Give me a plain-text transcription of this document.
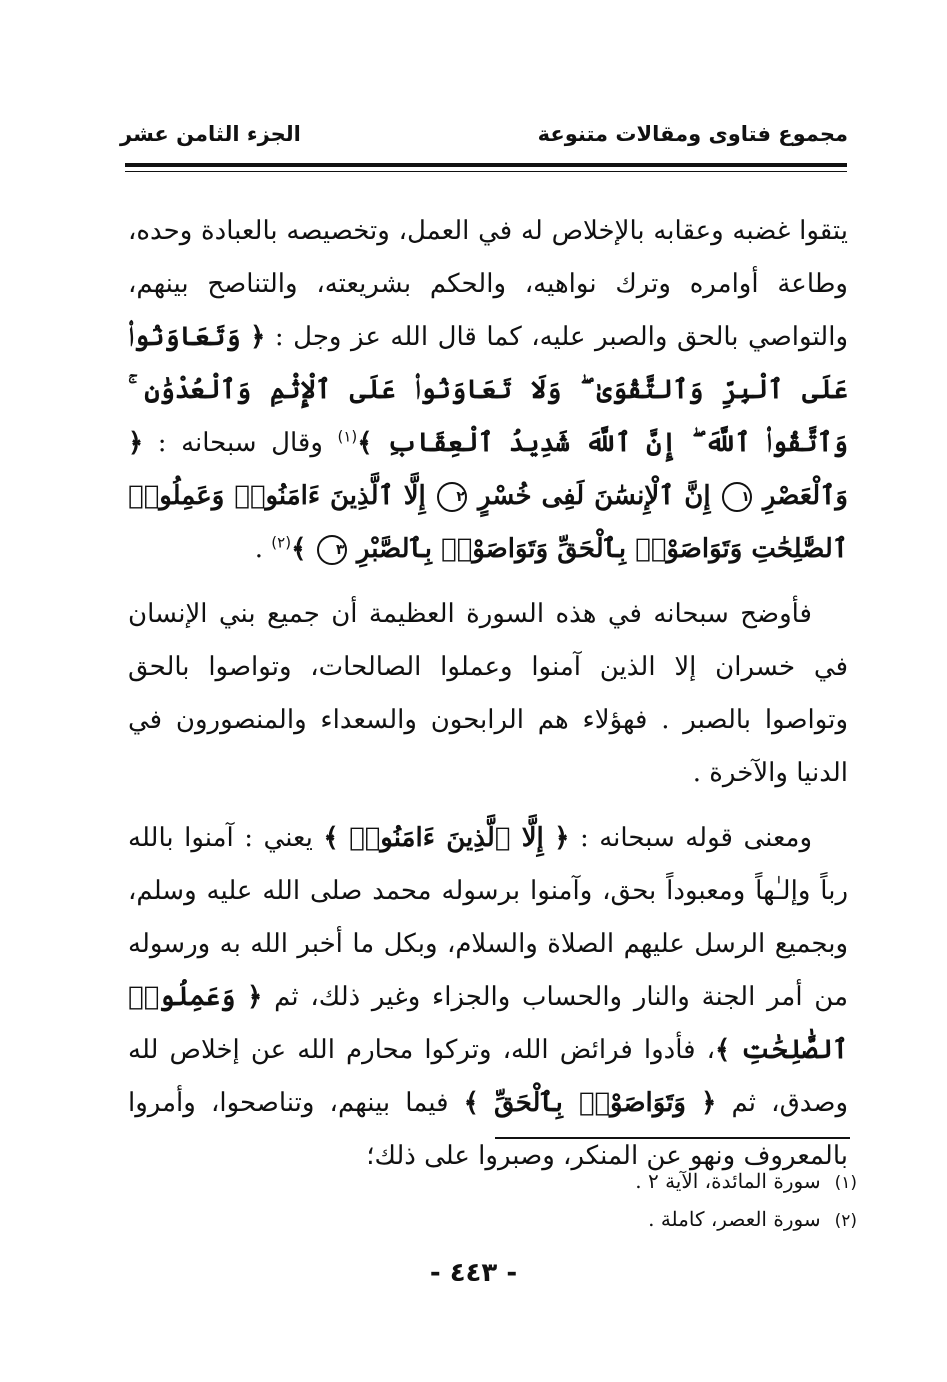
مجموع فتاوى ومقالات متنوعة
الجزء الثامن عشر

يتقوا غضبه وعقابه بالإخلاص له في العمل، وتخصيصه بالعبادة وحده، وطاعة أوامره وترك نواهيه، والحكم بشريعته، والتناصح بينهم، والتواصي بالحق والصبر عليه، كما قال الله عز وجل : ﴿ وَتَعَاوَنُوا۟ عَلَى ٱلْبِرِّ وَٱلتَّقْوَىٰ ۖ وَلَا تَعَاوَنُوا۟ عَلَى ٱلْإِثْمِ وَٱلْعُدْوَٰنِ ۚ وَٱتَّقُوا۟ ٱللَّهَ ۖ إِنَّ ٱللَّهَ شَدِيدُ ٱلْعِقَابِ ﴾$^{(١)}$ وقال سبحانه : ﴿ وَٱلْعَصْرِ ١ إِنَّ ٱلْإِنسَٰنَ لَفِى خُسْرٍ ٢ إِلَّا ٱلَّذِينَ ءَامَنُوا۟ وَعَمِلُوا۟ ٱلصَّٰلِحَٰتِ وَتَوَاصَوْا۟ بِٱلْحَقِّ وَتَوَاصَوْا۟ بِٱلصَّبْرِ ٣ ﴾$^{(٢)}$ .

فأوضح سبحانه في هذه السورة العظيمة أن جميع بني الإنسان في خسران إلا الذين آمنوا وعملوا الصالحات، وتواصوا بالحق وتواصوا بالصبر . فهؤلاء هم الرابحون والسعداء والمنصورون في الدنيا والآخرة .

ومعنى قوله سبحانه : ﴿ إِلَّا ٱلَّذِينَ ءَامَنُوا۟ ﴾ يعني : آمنوا بالله رباً وإلـٰهاً ومعبوداً بحق، وآمنوا برسوله محمد صلى الله عليه وسلم، وبجميع الرسل عليهم الصلاة والسلام، وبكل ما أخبر الله به ورسوله من أمر الجنة والنار والحساب والجزاء وغير ذلك، ثم ﴿ وَعَمِلُوا۟ ٱلصَّٰلِحَٰتِ ﴾، فأدوا فرائض الله، وتركوا محارم الله عن إخلاص لله وصدق، ثم ﴿ وَتَوَاصَوْا۟ بِٱلْحَقِّ ﴾ فيما بينهم، وتناصحوا، وأمروا بالمعروف ونهو عن المنكر، وصبروا على ذلك؛

(١)سورة المائدة، الآية ٢ .
(٢)سورة العصر، كاملة .
- ٤٤٣ -
